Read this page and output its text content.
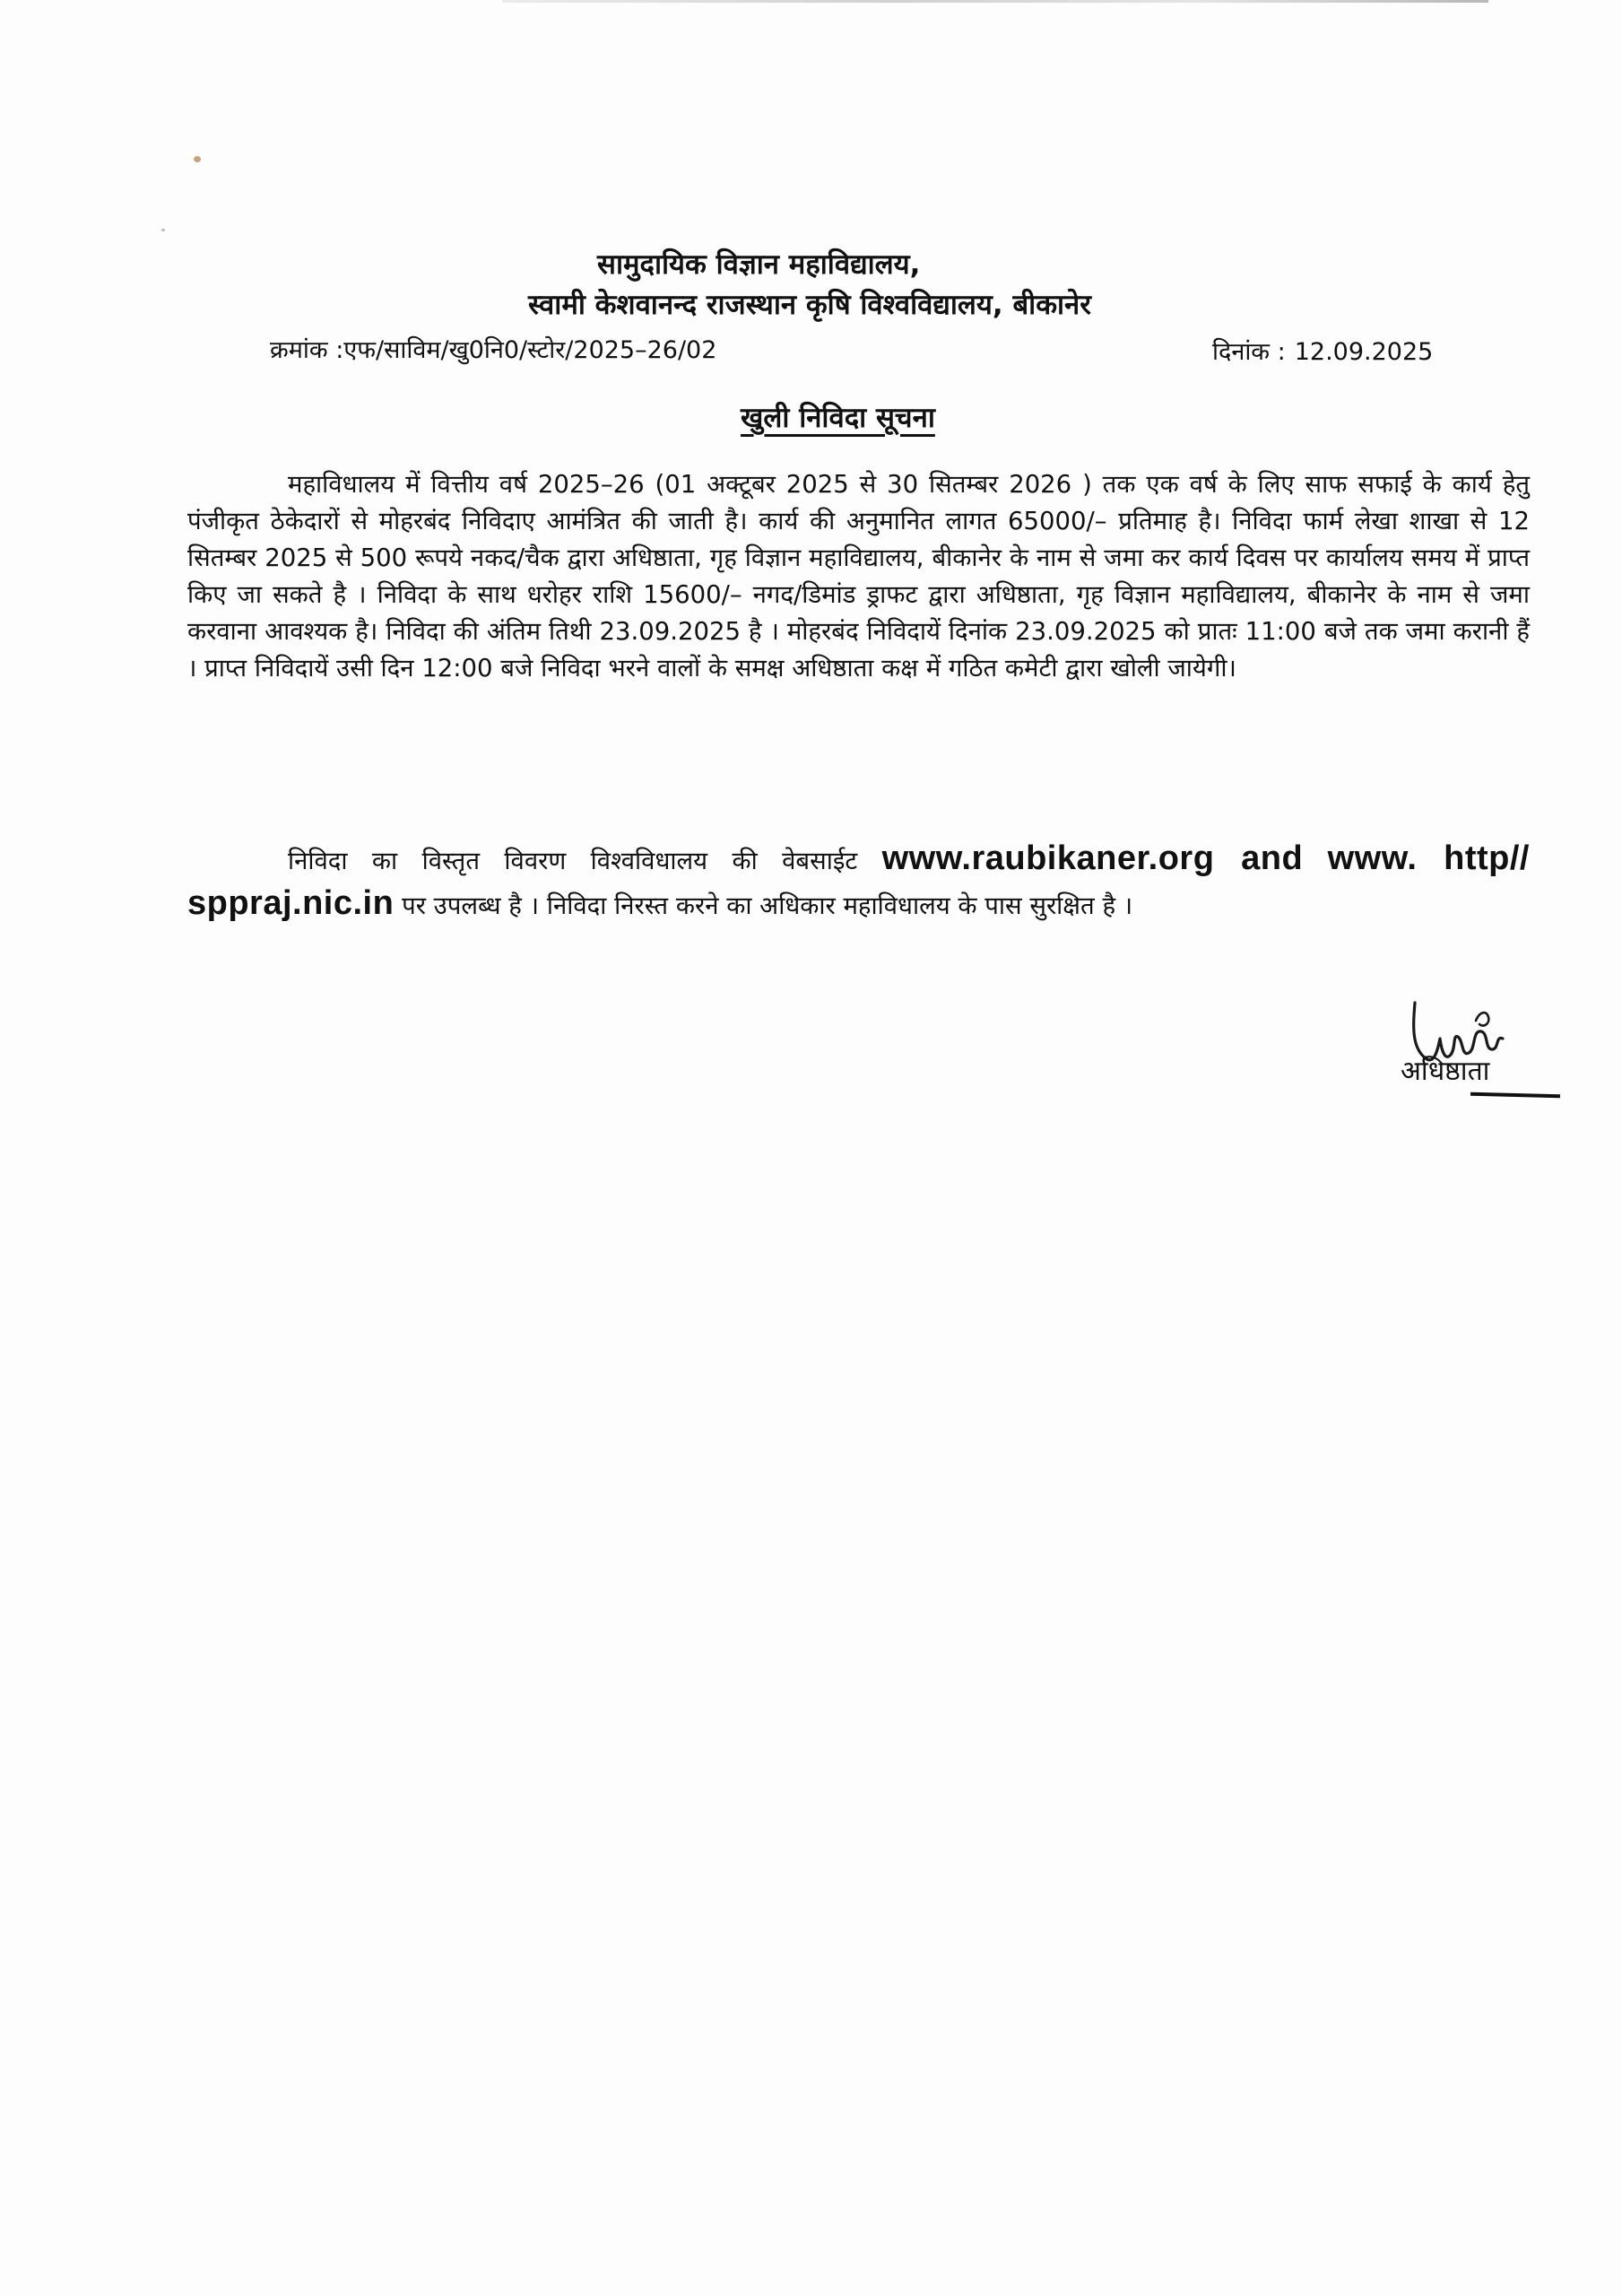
सामुदायिक विज्ञान महाविद्यालय,
स्वामी केशवानन्द राजस्थान कृषि विश्वविद्यालय, बीकानेर
क्रमांक :एफ/साविम/खु0नि0/स्टोर/2025–26/02	दिनांक : 12.09.2025
खुली निविदा सूचना
महाविधालय में वित्तीय वर्ष 2025–26 (01 अक्टूबर 2025 से 30 सितम्बर 2026 ) तक एक वर्ष के लिए साफ सफाई के कार्य हेतु पंजीकृत ठेकेदारों से मोहरबंद निविदाए आमंत्रित की जाती है। कार्य की अनुमानित लागत 65000/– प्रतिमाह है। निविदा फार्म लेखा शाखा से 12 सितम्बर 2025 से 500 रूपये नकद/चैक द्वारा अधिष्ठाता, गृह विज्ञान महाविद्यालय, बीकानेर के नाम से जमा कर कार्य दिवस पर कार्यालय समय में प्राप्त किए जा सकते है । निविदा के साथ धरोहर राशि 15600/– नगद/डिमांड ड्राफट द्वारा अधिष्ठाता, गृह विज्ञान महाविद्यालय, बीकानेर के नाम से जमा करवाना आवश्यक है। निविदा की अंतिम तिथी 23.09.2025 है । मोहरबंद निविदायें दिनांक 23.09.2025 को प्रातः 11:00 बजे तक जमा करानी हैं । प्राप्त निविदायें उसी दिन 12:00 बजे निविदा भरने वालों के समक्ष अधिष्ठाता कक्ष में गठित कमेटी द्वारा खोली जायेगी।
निविदा का विस्तृत विवरण विश्वविधालय की वेबसाईट www.raubikaner.org and www. http// sppraj.nic.in पर उपलब्ध है । निविदा निरस्त करने का अधिकार महाविधालय के पास सुरक्षित है ।
अधिष्ठाता
